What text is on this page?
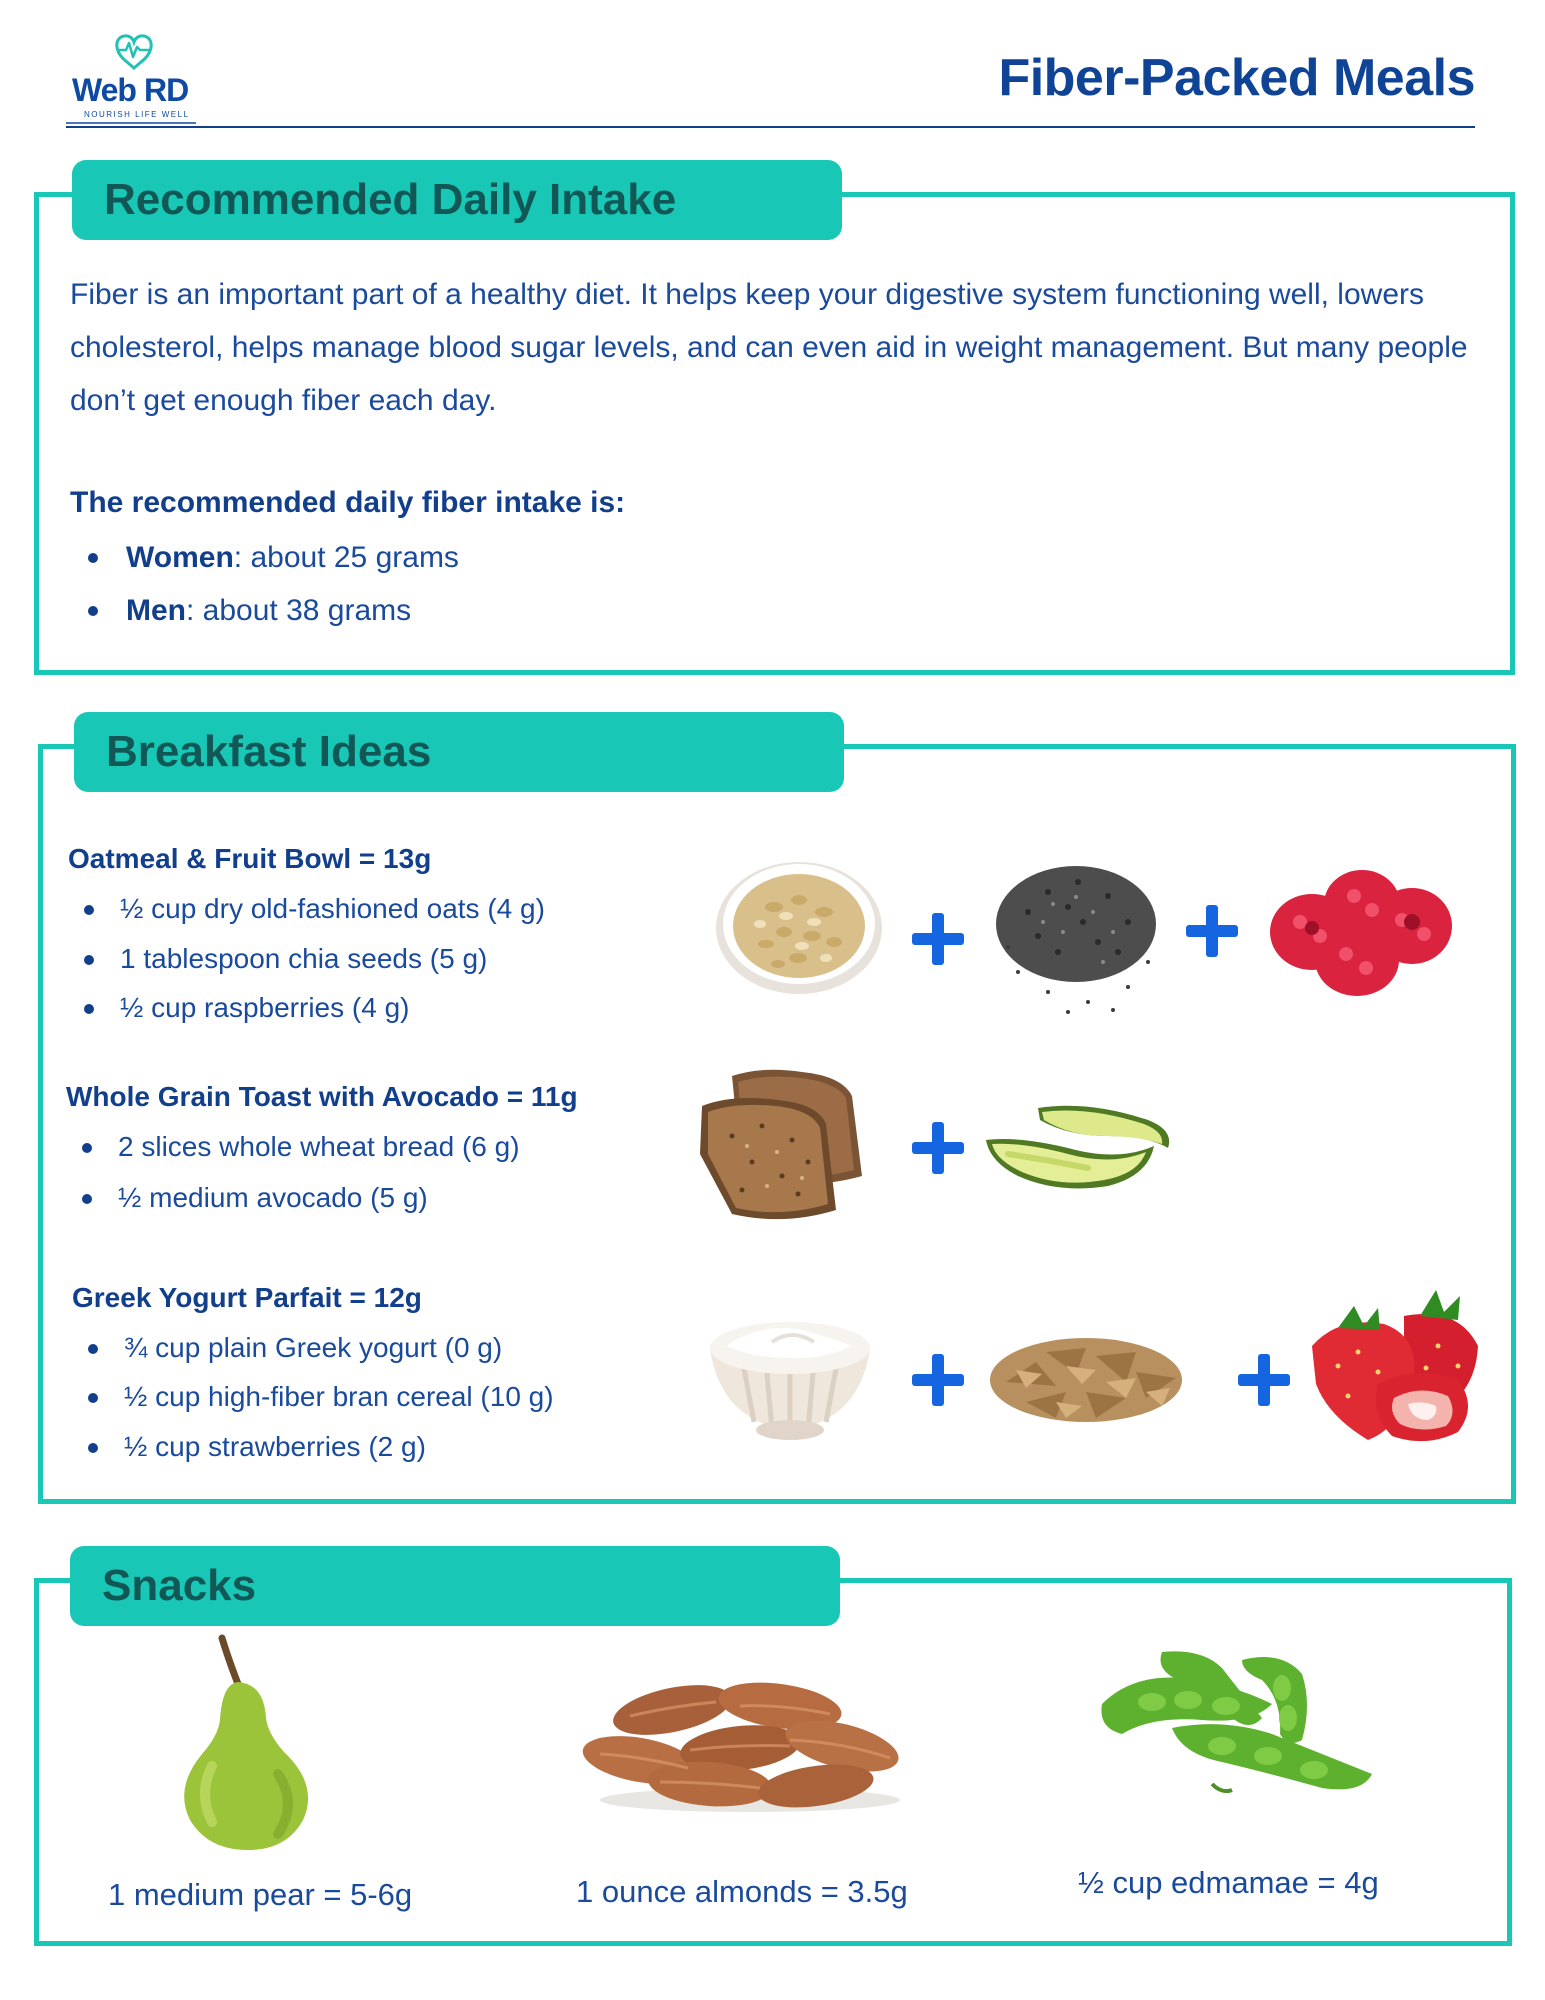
Web RD
NOURISH LIFE WELL
Fiber-Packed Meals
Recommended Daily Intake
Fiber is an important part of a healthy diet. It helps keep your digestive system functioning well, lowers cholesterol, helps manage blood sugar levels, and can even aid in weight management. But many people don’t get enough fiber each day.
The recommended daily fiber intake is:
Women: about 25 grams
Men: about 38 grams
Breakfast Ideas
Oatmeal & Fruit Bowl = 13g
½ cup dry old-fashioned oats (4 g)
1 tablespoon chia seeds (5 g)
½ cup raspberries (4 g)
Whole Grain Toast with Avocado = 11g
2 slices whole wheat bread (6 g)
½ medium avocado (5 g)
Greek Yogurt Parfait = 12g
¾ cup plain Greek yogurt (0 g)
½ cup high-fiber bran cereal (10 g)
½ cup strawberries (2 g)
Snacks
1 medium pear = 5-6g	1 ounce almonds = 3.5g	½ cup edmamae = 4g
